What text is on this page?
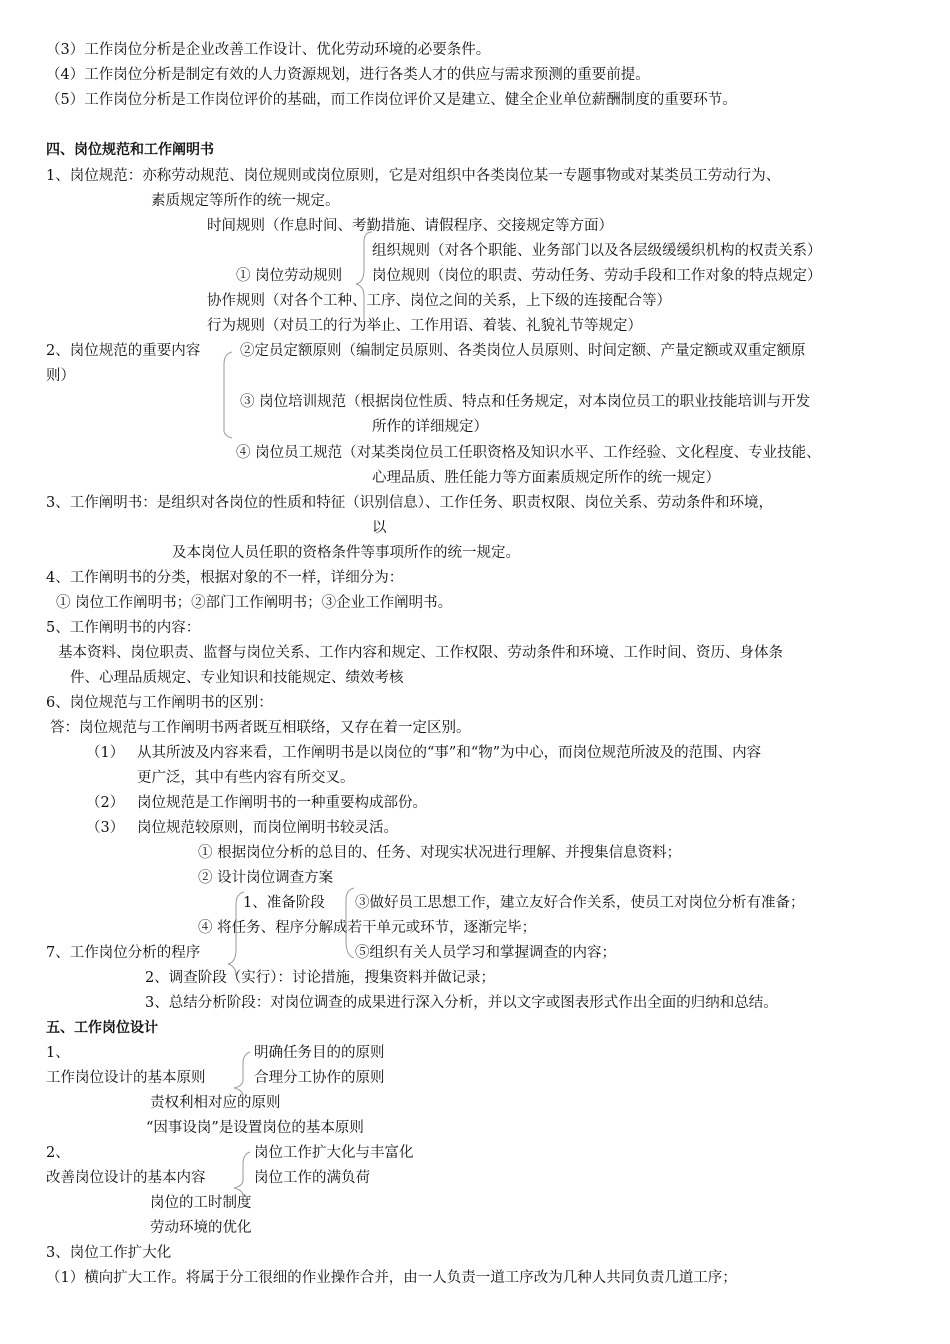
（3）工作岗位分析是企业改善工作设计、优化劳动环境的必要条件。
（4）工作岗位分析是制定有效的人力资源规划，进行各类人才的供应与需求预测的重要前提。
（5）工作岗位分析是工作岗位评价的基础，而工作岗位评价又是建立、健全企业单位薪酬制度的重要环节。
四、岗位规范和工作阐明书
1、岗位规范：亦称劳动规范、岗位规则或岗位原则，它是对组织中各类岗位某一专题事物或对某类员工劳动行为、
素质规定等所作的统一规定。
时间规则（作息时间、考勤措施、请假程序、交接规定等方面）
组织规则（对各个职能、业务部门以及各层级缓缓织机构的权责关系）
① 岗位劳动规则 岗位规则（岗位的职责、劳动任务、劳动手段和工作对象的特点规定）
协作规则（对各个工种、工序、岗位之间的关系，上下级的连接配合等）
行为规则（对员工的行为举止、工作用语、着装、礼貌礼节等规定）
2、岗位规范的重要内容	②定员定额原则（编制定员原则、各类岗位人员原则、时间定额、产量定额或双重定额原
则）
③ 岗位培训规范（根据岗位性质、特点和任务规定，对本岗位员工的职业技能培训与开发
所作的详细规定）
④ 岗位员工规范（对某类岗位员工任职资格及知识水平、工作经验、文化程度、专业技能、
心理品质、胜任能力等方面素质规定所作的统一规定）
3、工作阐明书：是组织对各岗位的性质和特征（识别信息）、工作任务、职责权限、岗位关系、劳动条件和环境，
以
及本岗位人员任职的资格条件等事项所作的统一规定。
4、工作阐明书的分类，根据对象的不一样，详细分为：
① 岗位工作阐明书；②部门工作阐明书；③企业工作阐明书。
5、工作阐明书的内容：
基本资料、岗位职责、监督与岗位关系、工作内容和规定、工作权限、劳动条件和环境、工作时间、资历、身体条
件、心理品质规定、专业知识和技能规定、绩效考核
6、岗位规范与工作阐明书的区别：
答：岗位规范与工作阐明书两者既互相联络，又存在着一定区别。
（1） 从其所波及内容来看，工作阐明书是以岗位的“事”和“物”为中心，而岗位规范所波及的范围、内容
更广泛，其中有些内容有所交叉。
（2） 岗位规范是工作阐明书的一种重要构成部份。
（3） 岗位规范较原则，而岗位阐明书较灵活。
① 根据岗位分析的总目的、任务、对现实状况进行理解、并搜集信息资料；
② 设计岗位调查方案
1、准备阶段 ③做好员工思想工作，建立友好合作关系，使员工对岗位分析有准备；
④ 将任务、程序分解成若干单元或环节，逐渐完毕；
7、工作岗位分析的程序	⑤组织有关人员学习和掌握调查的内容；
2、调查阶段（实行）：讨论措施，搜集资料并做记录；
3、总结分析阶段：对岗位调查的成果进行深入分析，并以文字或图表形式作出全面的归纳和总结。
五、工作岗位设计
1、	明确任务目的的原则
工作岗位设计的基本原则	合理分工协作的原则
责权利相对应的原则
“因事设岗”是设置岗位的基本原则
2、	岗位工作扩大化与丰富化
改善岗位设计的基本内容	岗位工作的满负荷
岗位的工时制度
劳动环境的优化
3、岗位工作扩大化
（1）横向扩大工作。将属于分工很细的作业操作合并，由一人负责一道工序改为几种人共同负责几道工序；
